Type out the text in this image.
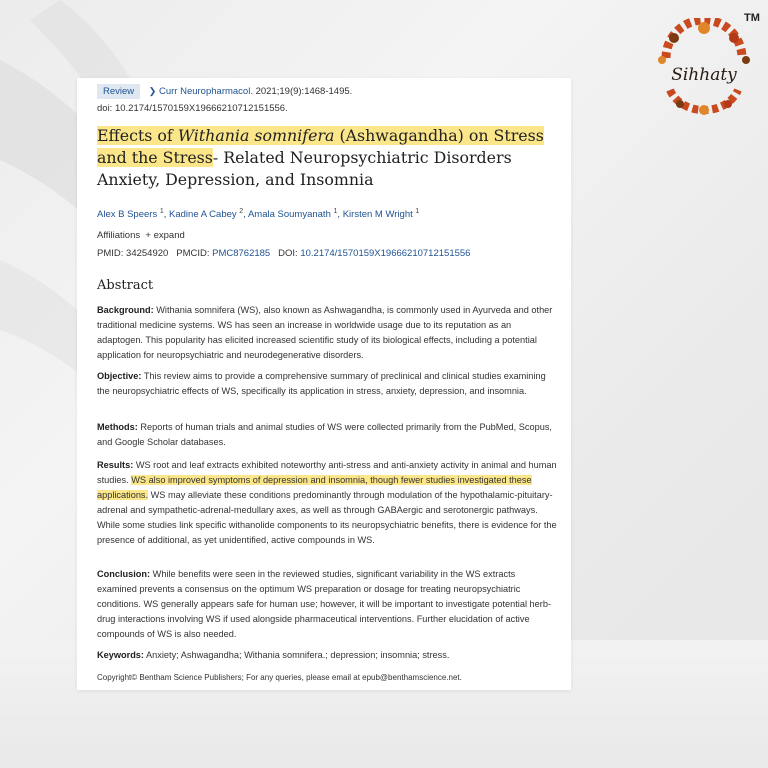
TM
Sihhaty
Review ❯ Curr Neuropharmacol. 2021;19(9):1468-1495.
doi: 10.2174/1570159X19666210712151556.
Effects of Withania somnifera (Ashwagandha) on Stress and the Stress- Related Neuropsychiatric Disorders Anxiety, Depression, and Insomnia
Alex B Speers $^1$, Kadine A Cabey $^2$, Amala Soumyanath $^1$, Kirsten M Wright $^1$
Affiliations + expand
PMID: 34254920 PMCID: PMC8762185 DOI: 10.2174/1570159X19666210712151556
Abstract
Background: Withania somnifera (WS), also known as Ashwagandha, is commonly used in Ayurveda and other traditional medicine systems. WS has seen an increase in worldwide usage due to its reputation as an adaptogen. This popularity has elicited increased scientific study of its biological effects, including a potential application for neuropsychiatric and neurodegenerative disorders.
Objective: This review aims to provide a comprehensive summary of preclinical and clinical studies examining the neuropsychiatric effects of WS, specifically its application in stress, anxiety, depression, and insomnia.
Methods: Reports of human trials and animal studies of WS were collected primarily from the PubMed, Scopus, and Google Scholar databases.
Results: WS root and leaf extracts exhibited noteworthy anti-stress and anti-anxiety activity in animal and human studies. WS also improved symptoms of depression and insomnia, though fewer studies investigated these applications. WS may alleviate these conditions predominantly through modulation of the hypothalamic-pituitary-adrenal and sympathetic-adrenal-medullary axes, as well as through GABAergic and serotonergic pathways. While some studies link specific withanolide components to its neuropsychiatric benefits, there is evidence for the presence of additional, as yet unidentified, active compounds in WS.
Conclusion: While benefits were seen in the reviewed studies, significant variability in the WS extracts examined prevents a consensus on the optimum WS preparation or dosage for treating neuropsychiatric conditions. WS generally appears safe for human use; however, it will be important to investigate potential herb-drug interactions involving WS if used alongside pharmaceutical interventions. Further elucidation of active compounds of WS is also needed.
Keywords: Anxiety; Ashwagandha; Withania somnifera.; depression; insomnia; stress.
Copyright© Bentham Science Publishers; For any queries, please email at epub@benthamscience.net.
